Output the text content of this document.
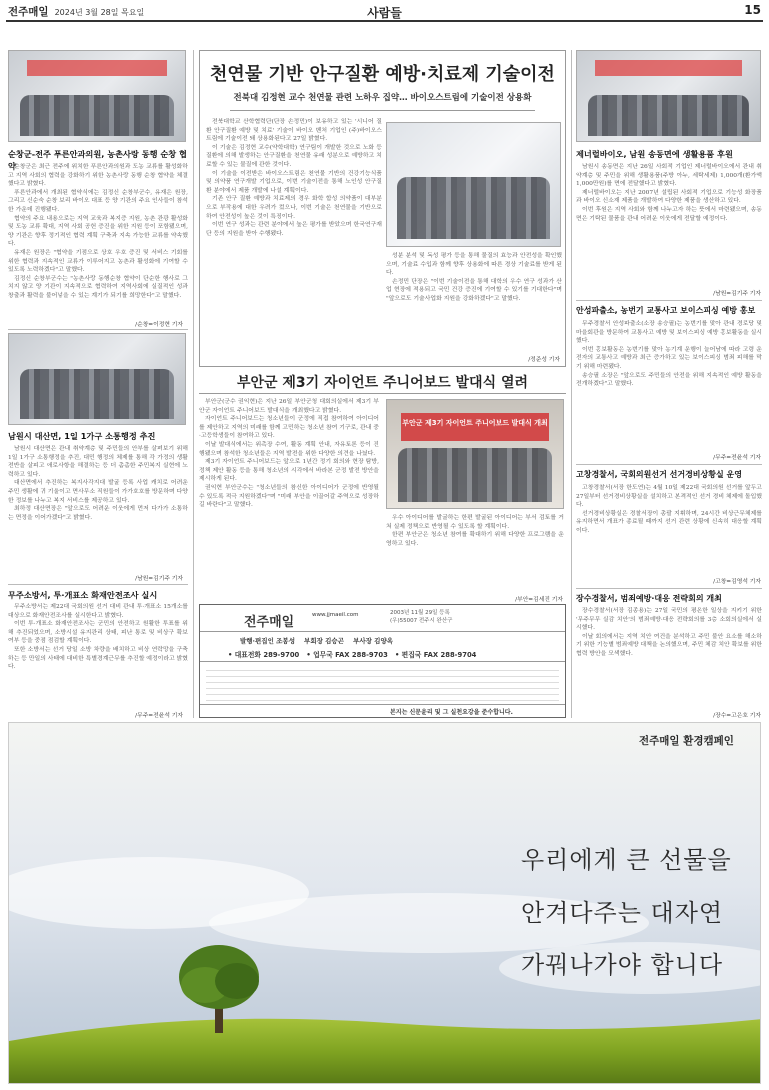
전주매일 2024년 3월 28일 목요일	사람들	15
순창군-전주 푸른안과의원, 농촌사랑 동행 순창 협약

순창군은 최근 전주에 위치한 푸른안과의원과 도농 교류를 활성화하고 지역 사회의 협력을 강화하기 위한 농촌사랑 동행 순창 협약을 체결했다고 밝혔다.

푸른안과에서 개최된 협약식에는 김정신 순창부군수, 유재은 원장, 그리고 신순숙 순창 보리 바이오 대표 등 양 기관의 주요 인사들이 참석한 가운데 진행됐다.

협약의 주요 내용으로는 지역 교육과 복지증 지원, 농촌 관광 활성화 및 도농 교류 확대, 지역 사회 공헌 증진을 위한 지원 등이 포함됐으며, 양 기관은 향후 정기적인 협력 계획 구축과 지속 가능한 교류를 약속했다.

유재은 원장은 "협약을 기점으로 상호 우호 증진 및 서비스 기회를 위한 협력과 지속적인 교류가 이루어지고 농촌과 활성화에 기여할 수 있도록 노력하겠다"고 말했다.

김정신 순창부군수는 "농촌사랑 동행순창 협약이 단순한 행사로 그치지 않고 양 기관이 지속적으로 협력하여 지역사회에 실질적인 성과 창출과 활력을 불어넣을 수 있는 계기가 되기를 희망한다"고 말했다.

/순창=이정현 기자
남원시 대산면, 1일 1가구 소통행정 추진

남원시 대산면은 관내 취약계층 및 주민들의 안부를 살펴보기 위해 1일 1가구 소통행정을 추진, 대민 행정의 체제를 통해 각 가정의 생활 전반을 살피고 애로사항을 해결하는 등 더 촘촘한 주민복지 실현에 노력하고 있다.

대산면에서 추진하는 복지사각지대 발굴 등록 사업 캐치로 어려운 주민 생활에 귀 기울이고 면사무소 직원들이 가가호호를 방문하며 다양한 정보를 나누고 복지 서비스를 제공하고 있다.

최하정 대산면장은 "앞으로도 어려운 이웃에게 먼저 다가가 소통하는 면정을 이어가겠다"고 밝혔다.

/남원=김기주 기자
무주소방서, 투·개표소 화재안전조사 실시

무주소방서는 제22대 국회의원 선거 대비 관내 투·개표소 15개소를 대상으로 화재안전조사를 실시한다고 밝혔다.

이번 투·개표소 화재안전조사는 군민의 안전하고 원활한 투표를 위해 추진되었으며, 소방시설 유지관리 상태, 피난 통로 및 비상구 확보 여부 등을 중점 점검할 계획이다.

또한 소방서는 선거 당일 소방 차량을 배치하고 비상 연락망을 구축하는 등 만일의 사태에 대비한 특별경계근무를 추진할 예정이라고 밝혔다.

/무주=전윤석 기자
천연물 기반 안구질환 예방·치료제 기술이전
전북대 김정현 교수 천연물 관련 노하우 집약… 바이오스트림에 기술이전 상용화

전북대학교 산학협력단(단장 손정민)이 보유하고 있는 '시니어 질환 안구질환 예방 및 치료' 기술이 바이오 벤처 기업인 (주)바이오스트림에 기술이전 돼 상용화된다고 27일 밝혔다.

이 기술은 김정현 교수(약학대학) 연구팀이 개발한 것으로 노화 등 질환에 의해 발생하는 안구질환을 천연물 유래 성분으로 예방하고 치료할 수 있는 물질에 관한 것이다.

이 기술을 이전받은 바이오스트림은 천연물 기반의 건강기능식품 및 의약품 연구개발 기업으로, 이번 기술이전을 통해 노인성 안구질환 분야에서 제품 개발에 나설 계획이다.

기존 안구 질환 예방과 치료제의 경우 화학 합성 의약품이 대부분으로 부작용에 대한 우려가 컸으나, 이번 기술은 천연물을 기반으로 하여 안전성이 높은 것이 특징이다.

이번 연구 성과는 관련 분야에서 높은 평가를 받았으며 한국연구재단 등의 지원을 받아 수행됐다.

성분 분석 및 독성 평가 등을 통해 물질의 효능과 안전성을 확인했으며, 기술료 수입과 함께 향후 상용화에 따른 경상 기술료를 받게 된다.

손정민 단장은 "이번 기술이전을 통해 대학의 우수 연구 성과가 산업 현장에 적용되고 국민 건강 증진에 기여할 수 있기를 기대한다"며 "앞으로도 기술사업화 지원을 강화하겠다"고 말했다.

/정준성 기자
부안군 제3기 자이언트 주니어보드 발대식 열려

부안군(군수 권익현)은 지난 26일 부안군청 대회의실에서 제3기 부안군 자이언트 주니어보드 발대식을 개최했다고 밝혔다.

자이언트 주니어보드는 청소년들이 군정에 직접 참여하여 아이디어를 제안하고 지역의 미래를 함께 고민하는 청소년 참여 기구로, 관내 중·고등학생들이 참여하고 있다.

이날 발대식에서는 위촉장 수여, 활동 계획 안내, 자유토론 등이 진행됐으며 참석한 청소년들은 지역 발전을 위한 다양한 의견을 나눴다.

제3기 자이언트 주니어보드는 앞으로 1년간 정기 회의와 현장 탐방, 정책 제안 활동 등을 통해 청소년의 시각에서 바라본 군정 발전 방안을 제시하게 된다.

권익현 부안군수는 "청소년들의 참신한 아이디어가 군정에 반영될 수 있도록 적극 지원하겠다"며 "미래 부안을 이끌어갈 주역으로 성장하길 바란다"고 말했다.

부안군 제3기 자이언트 주니어보드 발대식 개최

우수 아이디어를 발굴하는 한편 발굴된 아이디어는 부서 검토를 거쳐 실제 정책으로 반영될 수 있도록 할 계획이다.

한편 부안군은 청소년 참여를 확대하기 위해 다양한 프로그램을 운영하고 있다.

/부안=김세진 기자
전주매일	www.jjmaeil.com	2003년 11월 29일 등록
(우)55007 전주시 완산구
발행·편집인 조봉성 부회장 김승곤 부사장 김양옥
• 대표전화 289-9700   • 업무국 FAX 288-9703   • 편집국 FAX 288-9704
본지는 신문윤리 및 그 실천요강을 준수합니다.
제너럴바이오, 남원 송동면에 생활용품 후원

남원시 송동면은 지난 26일 사회적 기업인 제너럴바이오에서 관내 취약계층 및 주민을 위해 생활용품(주방 아누, 세탁세제) 1,000개(환가액 1,000만원)를 면에 전달했다고 밝혔다.

제너럴바이오는 지난 2007년 설립된 사회적 기업으로 기능성 화장품과 바이오 신소재 제품을 개발하여 다양한 제품을 생산하고 있다.

이번 후원은 지역 사회와 함께 나누고자 하는 뜻에서 마련됐으며, 송동면은 기탁된 물품을 관내 어려운 이웃에게 전달할 예정이다.

/남원=김기주 기자
안성파출소, 농번기 교통사고 보이스피싱 예방 홍보

무주경찰서 안성파출소(소장 송승필)는 농번기를 맞아 관내 경로당 및 마을회관을 방문하여 교통사고 예방 및 보이스피싱 예방 홍보활동을 실시했다.

이번 홍보활동은 농번기를 맞아 농기계 운행이 늘어남에 따라 고령 운전자의 교통사고 예방과 최근 증가하고 있는 보이스피싱 범죄 피해를 막기 위해 마련됐다.

송승필 소장은 "앞으로도 주민들의 안전을 위해 지속적인 예방 활동을 전개하겠다"고 말했다.

/무주=전윤석 기자
고창경찰서, 국회의원선거 선거경비상황실 운영

고창경찰서(서장 한도연)는 4월 10일 제22대 국회의원 선거를 앞두고 27일부터 선거경비상황실을 설치하고 본격적인 선거 경비 체제에 돌입했다.

선거경비상황실은 경찰서장이 총괄 지휘하며, 24시간 비상근무체제를 유지하면서 개표가 종료될 때까지 선거 관련 상황에 신속히 대응할 계획이다.

/고창=김영석 기자
장수경찰서, 범죄예방·대응 전략회의 개최

장수경찰서(서장 김종용)는 27일 국민의 평온한 일상을 지키기 위한 '무주무무 실감 치안'의 범죄예방·대응 전략회의를 3층 소회의실에서 실시했다.

이날 회의에서는 지역 치안 여건을 분석하고 주민 불안 요소를 해소하기 위한 기능별 범죄예방 대책을 논의했으며, 주민 체감 치안 확보를 위한 협력 방안을 모색했다.

/장수=고은호 기자
전주매일 환경캠페인
우리에게 큰 선물을
안겨다주는 대자연
가꿔나가야 합니다
